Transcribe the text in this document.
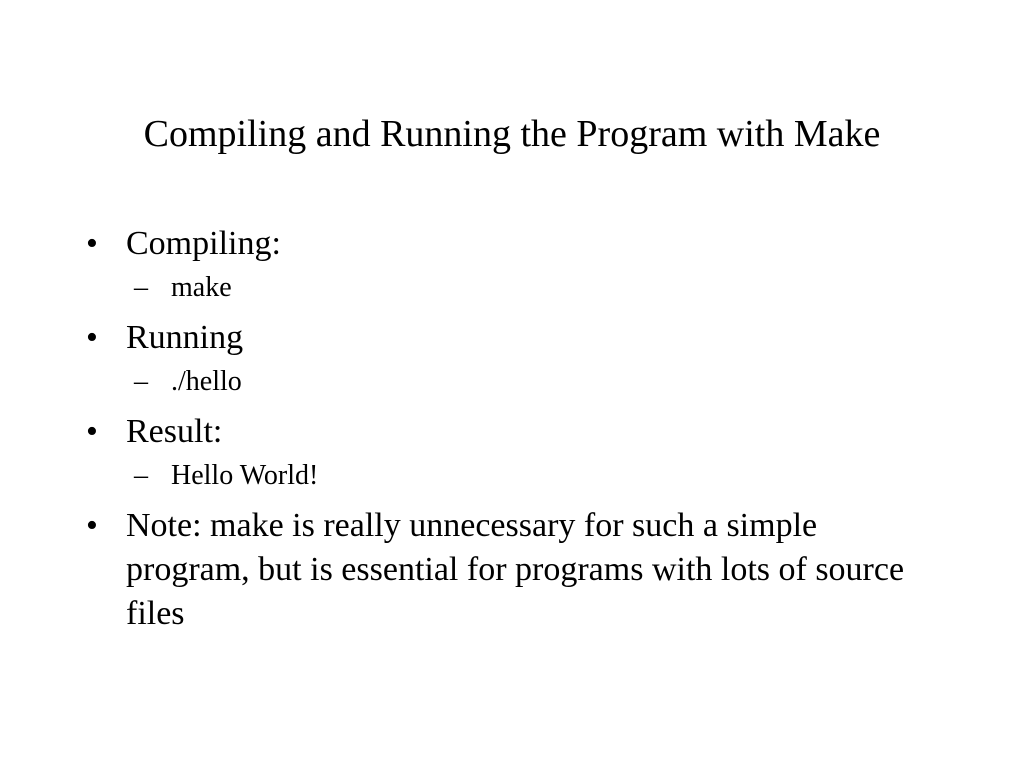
Compiling and Running the Program with Make
• Compiling:
– make
• Running
– ./hello
• Result:
– Hello World!
• Note: make is really unnecessary for such a simple program, but is essential for programs with lots of source files
